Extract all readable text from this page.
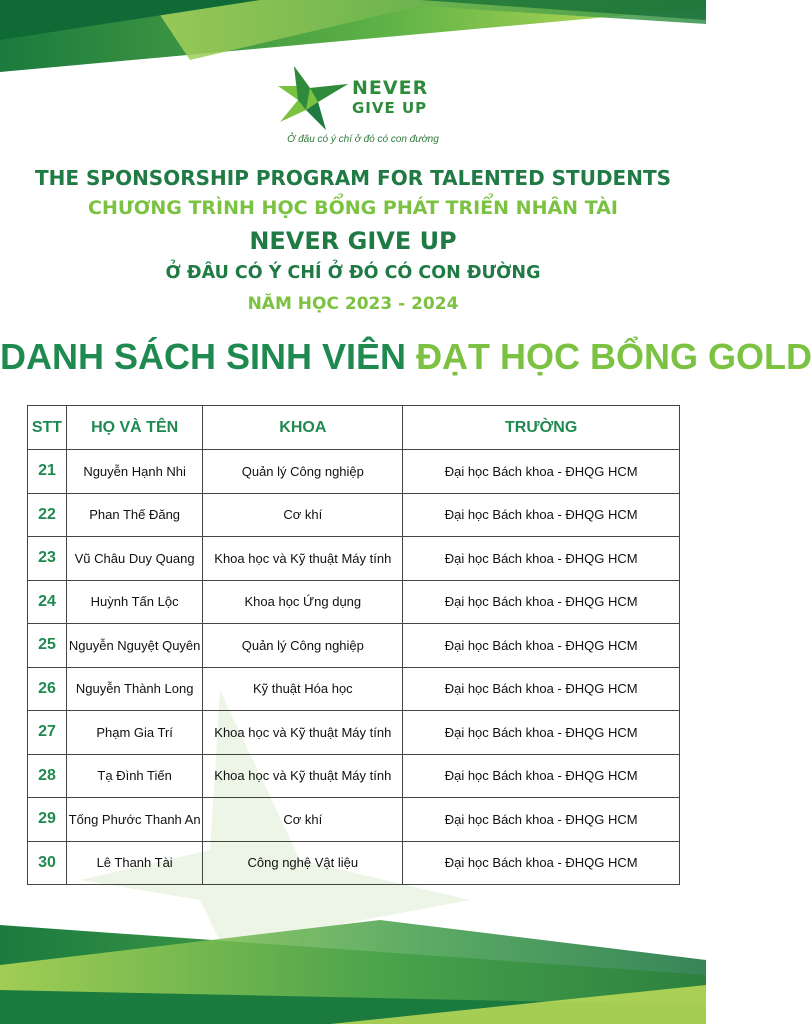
NEVER
GIVE UP
Ở đâu có ý chí ở đó có con đường
THE SPONSORSHIP PROGRAM FOR TALENTED STUDENTS
CHƯƠNG TRÌNH HỌC BỔNG PHÁT TRIỂN NHÂN TÀI
NEVER GIVE UP
Ở ĐÂU CÓ Ý CHÍ Ở ĐÓ CÓ CON ĐƯỜNG
NĂM HỌC 2023 - 2024
DANH SÁCH SINH VIÊN ĐẠT HỌC BỔNG GOLD
STT	HỌ VÀ TÊN	KHOA	TRƯỜNG
21	Nguyễn Hạnh Nhi	Quản lý Công nghiệp	Đại học Bách khoa - ĐHQG HCM
22	Phan Thế Đăng	Cơ khí	Đại học Bách khoa - ĐHQG HCM
23	Vũ Châu Duy Quang	Khoa học và Kỹ thuật Máy tính	Đại học Bách khoa - ĐHQG HCM
24	Huỳnh Tấn Lộc	Khoa học Ứng dụng	Đại học Bách khoa - ĐHQG HCM
25	Nguyễn Nguyệt Quyên	Quản lý Công nghiệp	Đại học Bách khoa - ĐHQG HCM
26	Nguyễn Thành Long	Kỹ thuật Hóa học	Đại học Bách khoa - ĐHQG HCM
27	Phạm Gia Trí	Khoa học và Kỹ thuật Máy tính	Đại học Bách khoa - ĐHQG HCM
28	Tạ Đình Tiến	Khoa học và Kỹ thuật Máy tính	Đại học Bách khoa - ĐHQG HCM
29	Tống Phước Thanh An	Cơ khí	Đại học Bách khoa - ĐHQG HCM
30	Lê Thanh Tài	Công nghệ Vật liệu	Đại học Bách khoa - ĐHQG HCM
